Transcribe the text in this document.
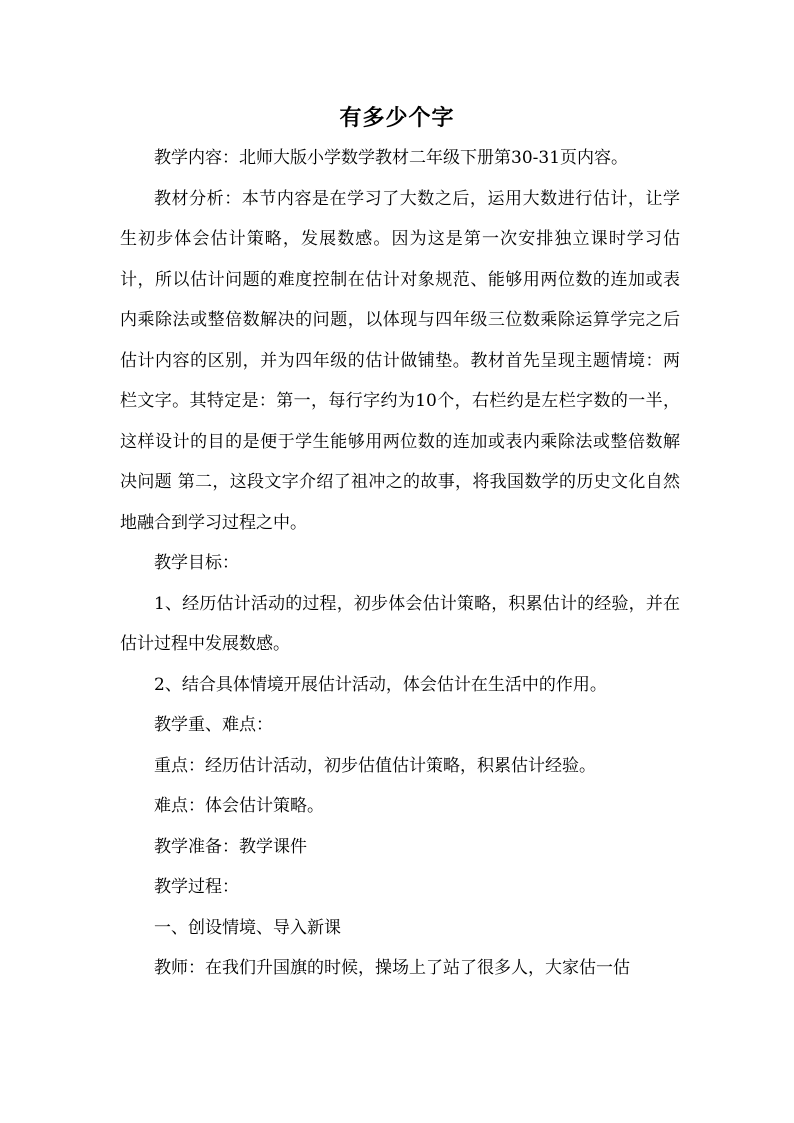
有多少个字

教学内容：北师大版小学数学教材二年级下册第30-31页内容。

教材分析：本节内容是在学习了大数之后，运用大数进行估计，让学生初步体会估计策略，发展数感。因为这是第一次安排独立课时学习估计，所以估计问题的难度控制在估计对象规范、能够用两位数的连加或表内乘除法或整倍数解决的问题，以体现与四年级三位数乘除运算学完之后估计内容的区别，并为四年级的估计做铺垫。教材首先呈现主题情境：两栏文字。其特定是：第一，每行字约为10个，右栏约是左栏字数的一半，这样设计的目的是便于学生能够用两位数的连加或表内乘除法或整倍数解决问题 第二，这段文字介绍了祖冲之的故事，将我国数学的历史文化自然地融合到学习过程之中。

教学目标：

1、经历估计活动的过程，初步体会估计策略，积累估计的经验，并在估计过程中发展数感。

2、结合具体情境开展估计活动，体会估计在生活中的作用。

教学重、难点：

重点：经历估计活动，初步估值估计策略，积累估计经验。

难点：体会估计策略。

教学准备：教学课件

教学过程：

一、创设情境、导入新课

教师：在我们升国旗的时候，操场上了站了很多人，大家估一估
